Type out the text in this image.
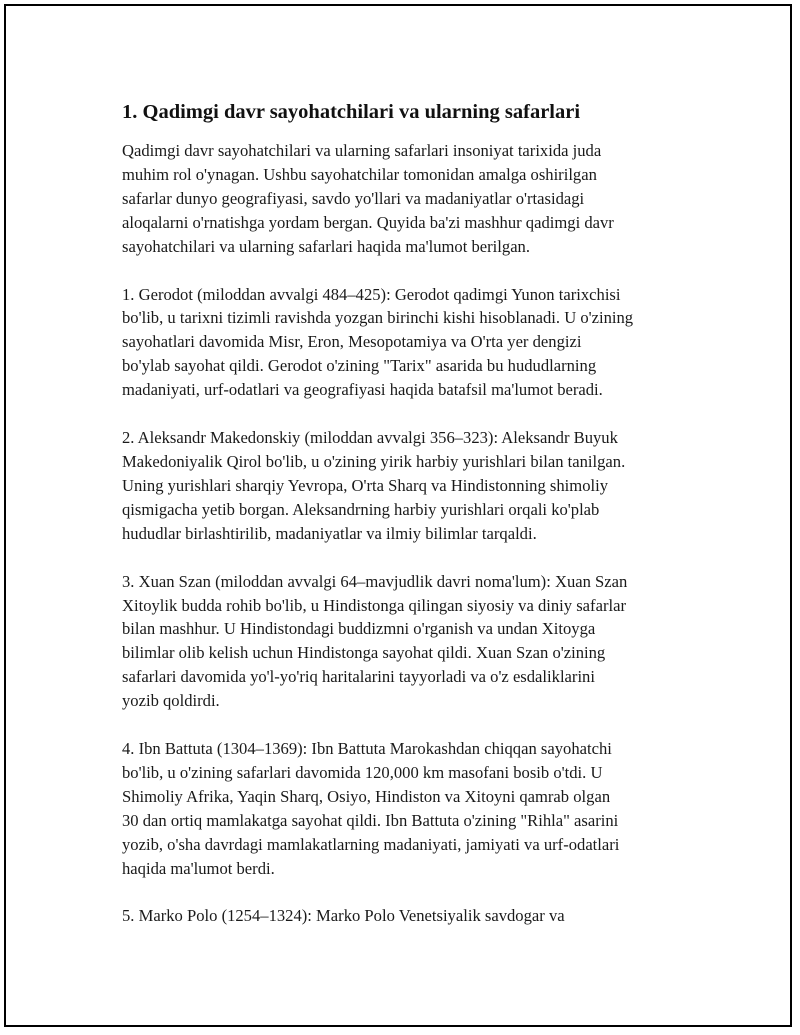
1. Qadimgi davr sayohatchilari va ularning safarlari

Qadimgi davr sayohatchilari va ularning safarlari insoniyat tarixida juda
muhim rol o'ynagan. Ushbu sayohatchilar tomonidan amalga oshirilgan
safarlar dunyo geografiyasi, savdo yo'llari va madaniyatlar o'rtasidagi
aloqalarni o'rnatishga yordam bergan. Quyida ba'zi mashhur qadimgi davr
sayohatchilari va ularning safarlari haqida ma'lumot berilgan.

1. Gerodot (miloddan avvalgi 484–425): Gerodot qadimgi Yunon tarixchisi
bo'lib, u tarixni tizimli ravishda yozgan birinchi kishi hisoblanadi. U o'zining
sayohatlari davomida Misr, Eron, Mesopotamiya va O'rta yer dengizi
bo'ylab sayohat qildi. Gerodot o'zining "Tarix" asarida bu hududlarning
madaniyati, urf-odatlari va geografiyasi haqida batafsil ma'lumot beradi.

2. Aleksandr Makedonskiy (miloddan avvalgi 356–323): Aleksandr Buyuk
Makedoniyalik Qirol bo'lib, u o'zining yirik harbiy yurishlari bilan tanilgan.
Uning yurishlari sharqiy Yevropa, O'rta Sharq va Hindistonning shimoliy
qismigacha yetib borgan. Aleksandrning harbiy yurishlari orqali ko'plab
hududlar birlashtirilib, madaniyatlar va ilmiy bilimlar tarqaldi.

3. Xuan Szan (miloddan avvalgi 64–mavjudlik davri noma'lum): Xuan Szan
Xitoylik budda rohib bo'lib, u Hindistonga qilingan siyosiy va diniy safarlar
bilan mashhur. U Hindistondagi buddizmni o'rganish va undan Xitoyga
bilimlar olib kelish uchun Hindistonga sayohat qildi. Xuan Szan o'zining
safarlari davomida yo'l-yo'riq haritalarini tayyorladi va o'z esdaliklarini
yozib qoldirdi.

4. Ibn Battuta (1304–1369): Ibn Battuta Marokashdan chiqqan sayohatchi
bo'lib, u o'zining safarlari davomida 120,000 km masofani bosib o'tdi. U
Shimoliy Afrika, Yaqin Sharq, Osiyo, Hindiston va Xitoyni qamrab olgan
30 dan ortiq mamlakatga sayohat qildi. Ibn Battuta o'zining "Rihla" asarini
yozib, o'sha davrdagi mamlakatlarning madaniyati, jamiyati va urf-odatlari
haqida ma'lumot berdi.

5. Marko Polo (1254–1324): Marko Polo Venetsiyalik savdogar va
